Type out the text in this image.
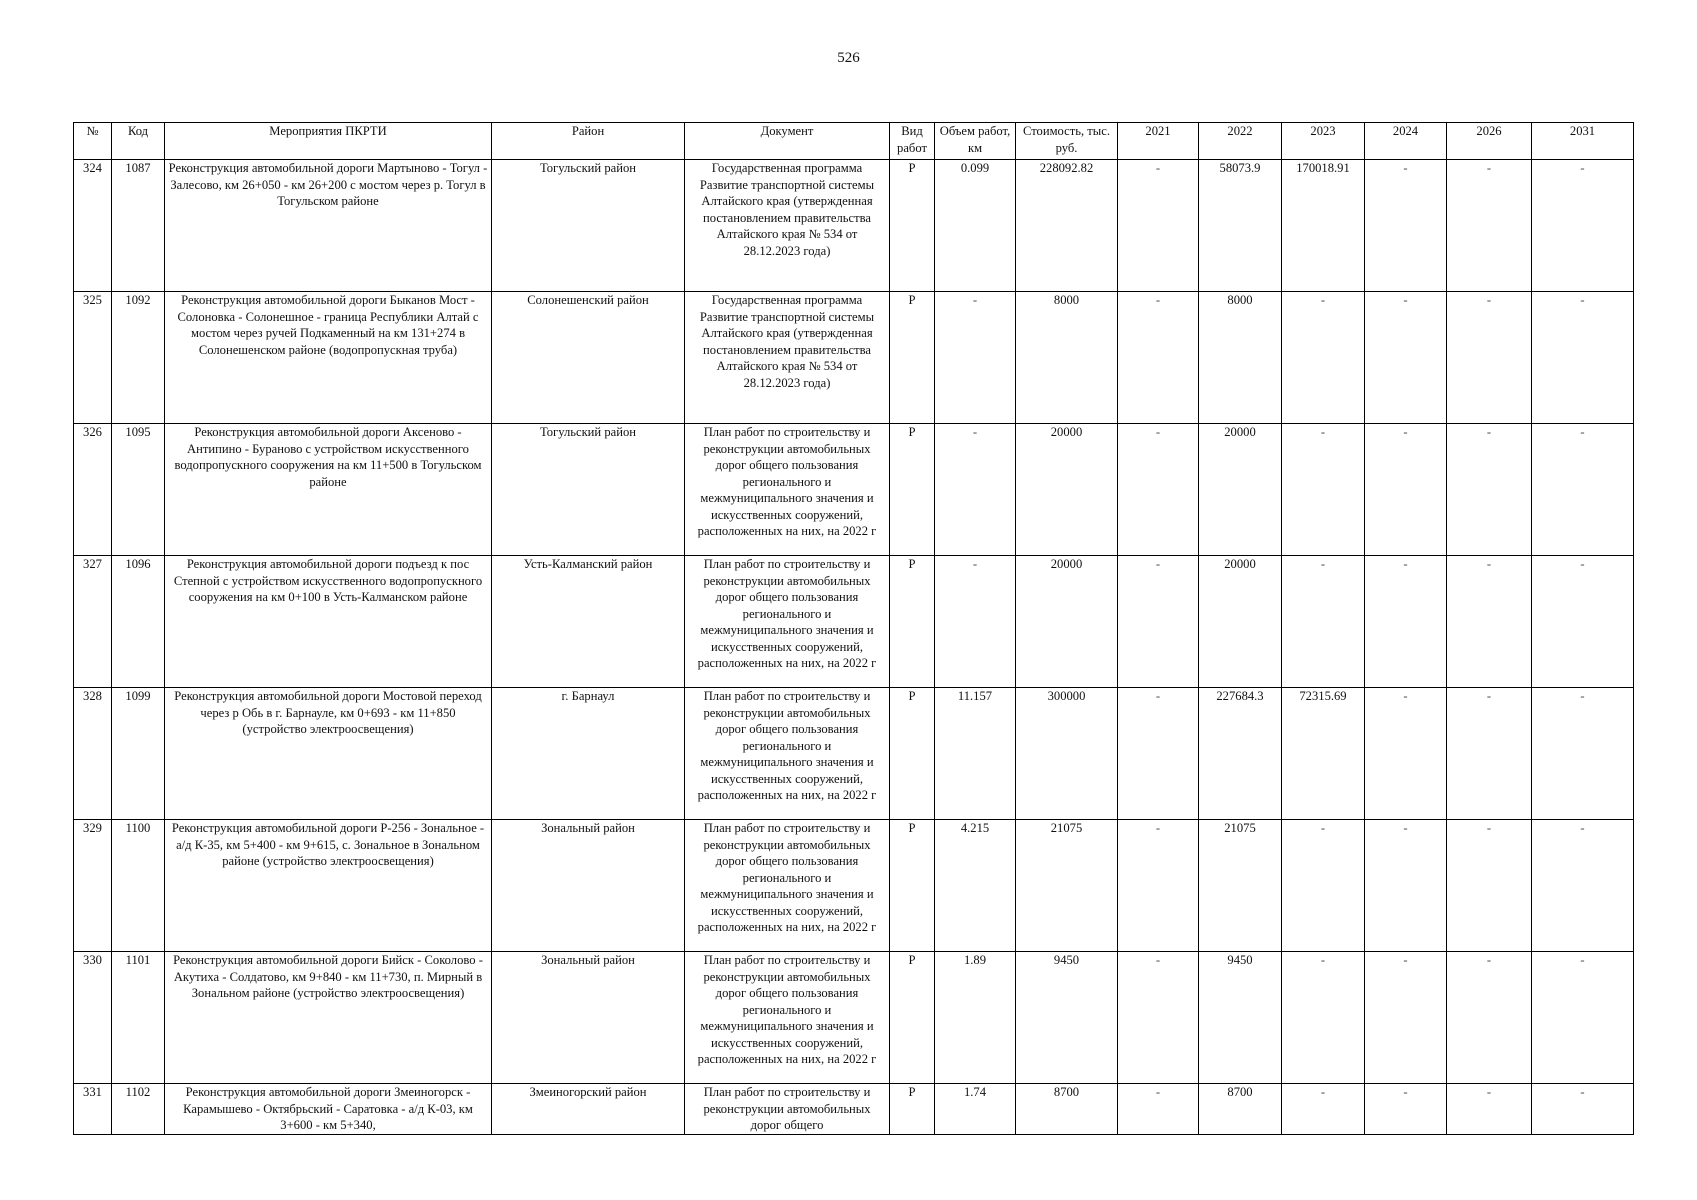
526
№	Код	Мероприятия ПКРТИ	Район	Документ	Вид работ	Объем работ, км	Стоимость, тыс. руб.	2021	2022	2023	2024	2026	2031
324	1087	Реконструкция автомобильной дороги Мартыново - Тогул - Залесово, км 26+050 - км 26+200 с мостом через р. Тогул в Тогульском районе	Тогульский район	Государственная программа Развитие транспортной системы Алтайского края (утвержденная постановлением правительства Алтайского края № 534 от 28.12.2023 года)	Р	0.099	228092.82	-	58073.9	170018.91	-	-	-
325	1092	Реконструкция автомобильной дороги Быканов Мост - Солоновка - Солонешное - граница Республики Алтай с мостом через ручей Подкаменный на км 131+274 в Солонешенском районе (водопропускная труба)	Солонешенский район	Государственная программа Развитие транспортной системы Алтайского края (утвержденная постановлением правительства Алтайского края № 534 от 28.12.2023 года)	Р	-	8000	-	8000	-	-	-	-
326	1095	Реконструкция автомобильной дороги Аксеново - Антипино - Бураново с устройством искусственного водопропускного сооружения на км 11+500 в Тогульском районе	Тогульский район	План работ по строительству и реконструкции автомобильных дорог общего пользования регионального и межмуниципального значения и искусственных сооружений, расположенных на них, на 2022 г	Р	-	20000	-	20000	-	-	-	-
327	1096	Реконструкция автомобильной дороги подъезд к пос Степной с устройством искусственного водопропускного сооружения на км 0+100 в Усть-Калманском районе	Усть-Калманский район	План работ по строительству и реконструкции автомобильных дорог общего пользования регионального и межмуниципального значения и искусственных сооружений, расположенных на них, на 2022 г	Р	-	20000	-	20000	-	-	-	-
328	1099	Реконструкция автомобильной дороги Мостовой переход через р Обь в г. Барнауле, км 0+693 - км 11+850 (устройство электроосвещения)	г. Барнаул	План работ по строительству и реконструкции автомобильных дорог общего пользования регионального и межмуниципального значения и искусственных сооружений, расположенных на них, на 2022 г	Р	11.157	300000	-	227684.3	72315.69	-	-	-
329	1100	Реконструкция автомобильной дороги Р-256 - Зональное - а/д К-35, км 5+400 - км 9+615, с. Зональное в Зональном районе (устройство электроосвещения)	Зональный район	План работ по строительству и реконструкции автомобильных дорог общего пользования регионального и межмуниципального значения и искусственных сооружений, расположенных на них, на 2022 г	Р	4.215	21075	-	21075	-	-	-	-
330	1101	Реконструкция автомобильной дороги Бийск - Соколово - Акутиха - Солдатово, км 9+840 - км 11+730, п. Мирный в Зональном районе (устройство электроосвещения)	Зональный район	План работ по строительству и реконструкции автомобильных дорог общего пользования регионального и межмуниципального значения и искусственных сооружений, расположенных на них, на 2022 г	Р	1.89	9450	-	9450	-	-	-	-
331	1102	Реконструкция автомобильной дороги Змеиногорск - Карамышево - Октябрьский - Саратовка - а/д К-03, км 3+600 - км 5+340,	Змеиногорский район	План работ по строительству и реконструкции автомобильных дорог общего	Р	1.74	8700	-	8700	-	-	-	-
